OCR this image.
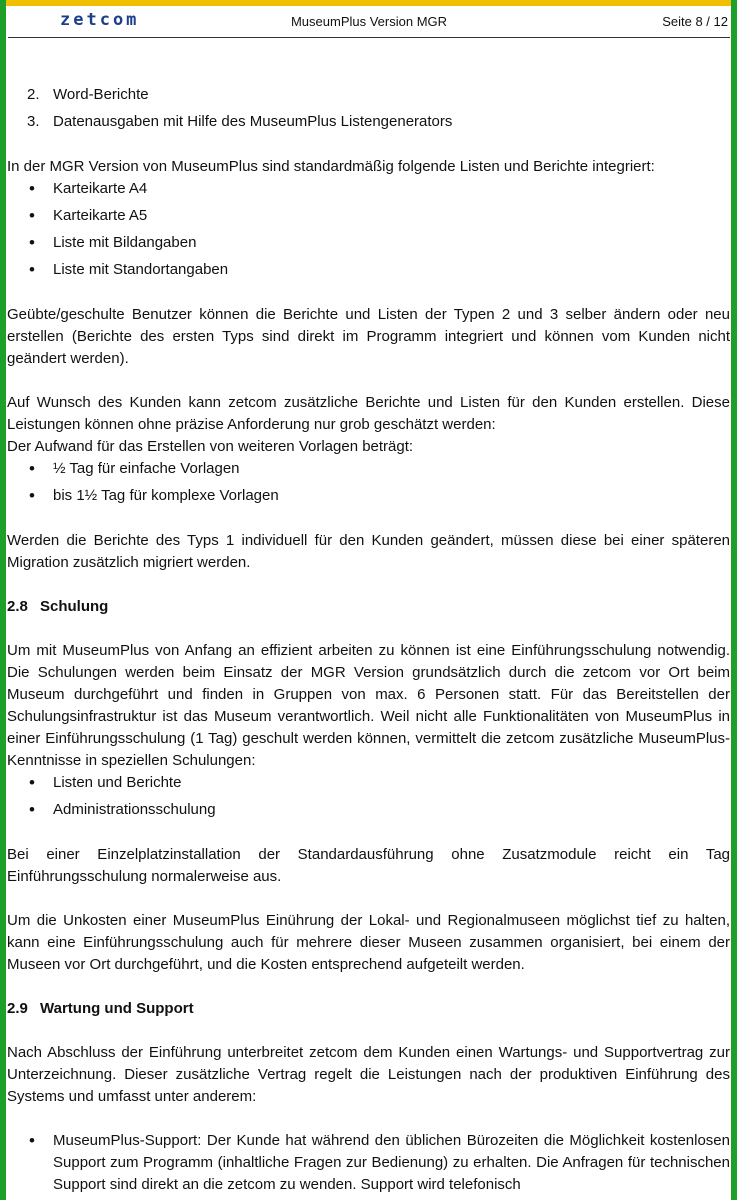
zetcom	MuseumPlus Version MGR	Seite 8 / 12
2. Word-Berichte
3. Datenausgaben mit Hilfe des MuseumPlus Listengenerators

In der MGR Version von MuseumPlus sind standardmäßig folgende Listen und Berichte integriert:

• Karteikarte A4
• Karteikarte A5
• Liste mit Bildangaben
• Liste mit Standortangaben

Geübte/geschulte Benutzer können die Berichte und Listen der Typen 2 und 3 selber ändern oder neu erstellen (Berichte des ersten Typs sind direkt im Programm integriert und können vom Kunden nicht geändert werden).

Auf Wunsch des Kunden kann zetcom zusätzliche Berichte und Listen für den Kunden erstellen. Diese Leistungen können ohne präzise Anforderung nur grob geschätzt werden:

Der Aufwand für das Erstellen von weiteren Vorlagen beträgt:

• ½ Tag für einfache Vorlagen
• bis 1½ Tag für komplexe Vorlagen

Werden die Berichte des Typs 1 individuell für den Kunden geändert, müssen diese bei einer späteren Migration zusätzlich migriert werden.

2.8 Schulung

Um mit MuseumPlus von Anfang an effizient arbeiten zu können ist eine Einführungsschulung notwendig. Die Schulungen werden beim Einsatz der MGR Version grundsätzlich durch die zetcom vor Ort beim Museum durchgeführt und finden in Gruppen von max. 6 Personen statt. Für das Bereitstellen der Schulungsinfrastruktur ist das Museum verantwortlich. Weil nicht alle Funktionalitäten von MuseumPlus in einer Einführungsschulung (1 Tag) geschult werden können, vermittelt die zetcom zusätzliche MuseumPlus-Kenntnisse in speziellen Schulungen:

• Listen und Berichte
• Administrationsschulung

Bei einer Einzelplatzinstallation der Standardausführung ohne Zusatzmodule reicht ein Tag Einführungsschulung normalerweise aus.

Um die Unkosten einer MuseumPlus Einührung der Lokal- und Regionalmuseen möglichst tief zu halten, kann eine Einführungsschulung auch für mehrere dieser Museen zusammen organisiert, bei einem der Museen vor Ort durchgeführt, und die Kosten entsprechend aufgeteilt werden.

2.9 Wartung und Support

Nach Abschluss der Einführung unterbreitet zetcom dem Kunden einen Wartungs- und Supportvertrag zur Unterzeichnung. Dieser zusätzliche Vertrag regelt die Leistungen nach der produktiven Einführung des Systems und umfasst unter anderem:

• MuseumPlus-Support: Der Kunde hat während den üblichen Bürozeiten die Möglichkeit kostenlosen Support zum Programm (inhaltliche Fragen zur Bedienung) zu erhalten. Die Anfragen für technischen Support sind direkt an die zetcom zu wenden. Support wird telefonisch
